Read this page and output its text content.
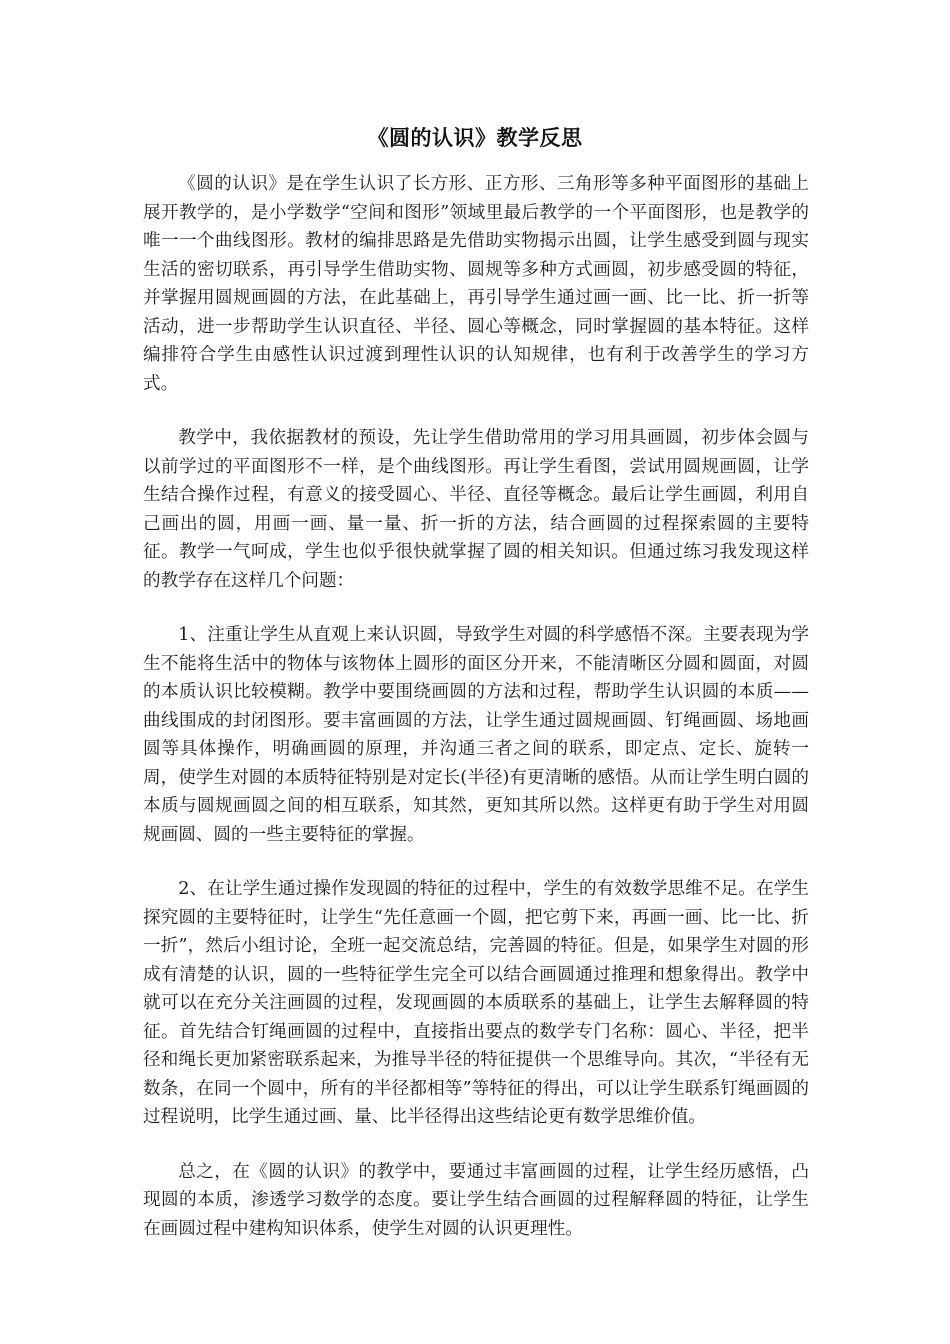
《圆的认识》教学反思

《圆的认识》是在学生认识了长方形、正方形、三角形等多种平面图形的基础上展开教学的，是小学数学“空间和图形”领域里最后教学的一个平面图形，也是教学的唯一一个曲线图形。教材的编排思路是先借助实物揭示出圆，让学生感受到圆与现实生活的密切联系，再引导学生借助实物、圆规等多种方式画圆，初步感受圆的特征，并掌握用圆规画圆的方法，在此基础上，再引导学生通过画一画、比一比、折一折等活动，进一步帮助学生认识直径、半径、圆心等概念，同时掌握圆的基本特征。这样编排符合学生由感性认识过渡到理性认识的认知规律，也有利于改善学生的学习方式。

教学中，我依据教材的预设，先让学生借助常用的学习用具画圆，初步体会圆与以前学过的平面图形不一样，是个曲线图形。再让学生看图，尝试用圆规画圆，让学生结合操作过程，有意义的接受圆心、半径、直径等概念。最后让学生画圆，利用自己画出的圆，用画一画、量一量、折一折的方法，结合画圆的过程探索圆的主要特征。教学一气呵成，学生也似乎很快就掌握了圆的相关知识。但通过练习我发现这样的教学存在这样几个问题：

1、注重让学生从直观上来认识圆，导致学生对圆的科学感悟不深。主要表现为学生不能将生活中的物体与该物体上圆形的面区分开来，不能清晰区分圆和圆面，对圆的本质认识比较模糊。教学中要围绕画圆的方法和过程，帮助学生认识圆的本质——曲线围成的封闭图形。要丰富画圆的方法，让学生通过圆规画圆、钉绳画圆、场地画圆等具体操作，明确画圆的原理，并沟通三者之间的联系，即定点、定长、旋转一周，使学生对圆的本质特征特别是对定长(半径)有更清晰的感悟。从而让学生明白圆的本质与圆规画圆之间的相互联系，知其然，更知其所以然。这样更有助于学生对用圆规画圆、圆的一些主要特征的掌握。

2、在让学生通过操作发现圆的特征的过程中，学生的有效数学思维不足。在学生探究圆的主要特征时，让学生“先任意画一个圆，把它剪下来，再画一画、比一比、折一折”，然后小组讨论，全班一起交流总结，完善圆的特征。但是，如果学生对圆的形成有清楚的认识，圆的一些特征学生完全可以结合画圆通过推理和想象得出。教学中就可以在充分关注画圆的过程，发现画圆的本质联系的基础上，让学生去解释圆的特征。首先结合钉绳画圆的过程中，直接指出要点的数学专门名称：圆心、半径，把半径和绳长更加紧密联系起来，为推导半径的特征提供一个思维导向。其次，“半径有无数条，在同一个圆中，所有的半径都相等”等特征的得出，可以让学生联系钉绳画圆的过程说明，比学生通过画、量、比半径得出这些结论更有数学思维价值。

总之，在《圆的认识》的教学中，要通过丰富画圆的过程，让学生经历感悟，凸现圆的本质，渗透学习数学的态度。要让学生结合画圆的过程解释圆的特征，让学生在画圆过程中建构知识体系，使学生对圆的认识更理性。
